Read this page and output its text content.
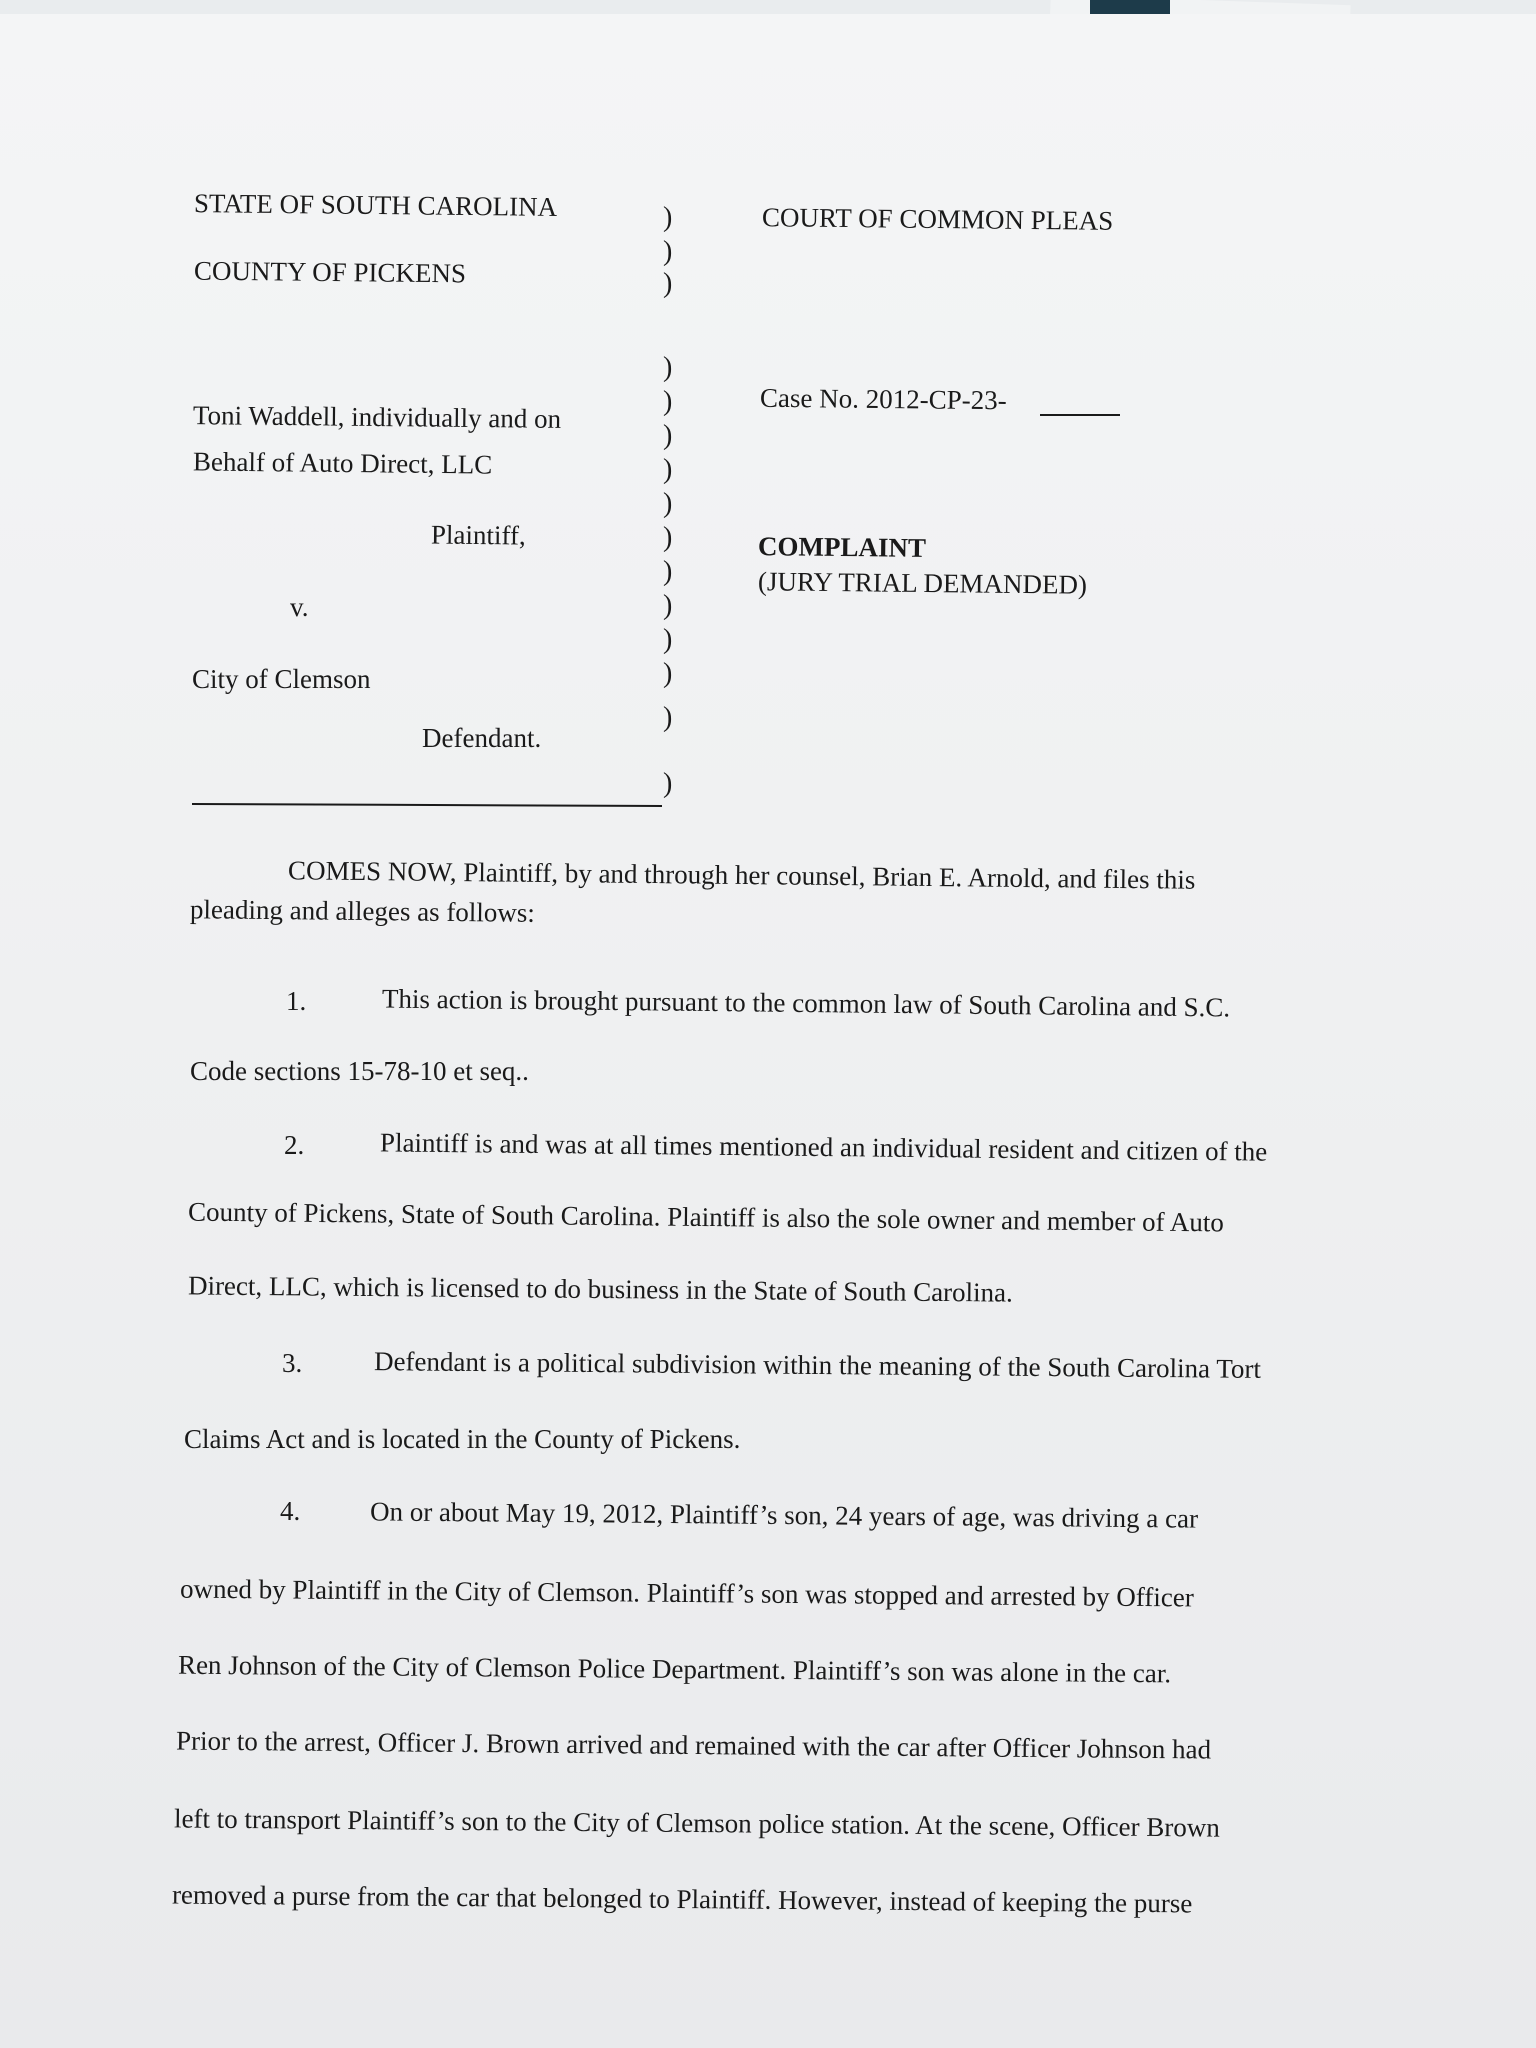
STATE OF SOUTH CAROLINA
COUNTY OF PICKENS
COURT OF COMMON PLEAS
Case No. 2012-CP-23-
Toni Waddell, individually and on
Behalf of Auto Direct, LLC
Plaintiff,	COMPLAINT
(JURY TRIAL DEMANDED)
v.
City of Clemson
Defendant.
)
)
)
)
)
)
)
)
)
)
)
)
)
)
)
COMES NOW, Plaintiff, by and through her counsel, Brian E. Arnold, and files this
pleading and alleges as follows:
1.	This action is brought pursuant to the common law of South Carolina and S.C.
Code sections 15-78-10 et seq..
2.	Plaintiff is and was at all times mentioned an individual resident and citizen of the
County of Pickens, State of South Carolina. Plaintiff is also the sole owner and member of Auto
Direct, LLC, which is licensed to do business in the State of South Carolina.
3.	Defendant is a political subdivision within the meaning of the South Carolina Tort
Claims Act and is located in the County of Pickens.
4.	On or about May 19, 2012, Plaintiff’s son, 24 years of age, was driving a car
owned by Plaintiff in the City of Clemson. Plaintiff’s son was stopped and arrested by Officer
Ren Johnson of the City of Clemson Police Department. Plaintiff’s son was alone in the car.
Prior to the arrest, Officer J. Brown arrived and remained with the car after Officer Johnson had
left to transport Plaintiff’s son to the City of Clemson police station. At the scene, Officer Brown
removed a purse from the car that belonged to Plaintiff. However, instead of keeping the purse
